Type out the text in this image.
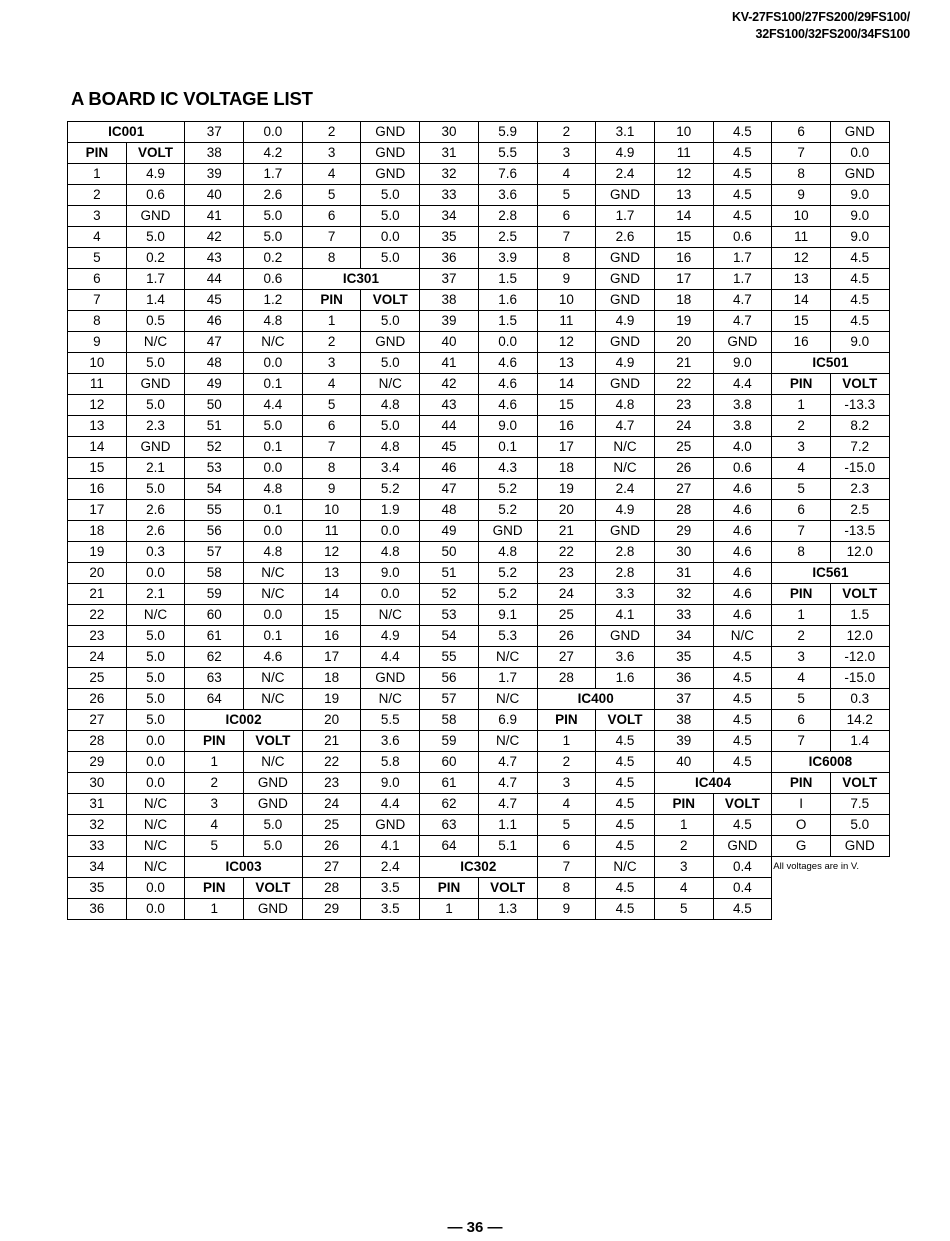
KV-27FS100/27FS200/29FS100/
32FS100/32FS200/34FS100
A BOARD IC VOLTAGE LIST
IC001		37	0.0	2	GND	30	5.9	2	3.1	10	4.5	6	GND
PIN	VOLT	38	4.2	3	GND	31	5.5	3	4.9	11	4.5	7	0.0
1	4.9	39	1.7	4	GND	32	7.6	4	2.4	12	4.5	8	GND
2	0.6	40	2.6	5	5.0	33	3.6	5	GND	13	4.5	9	9.0
3	GND	41	5.0	6	5.0	34	2.8	6	1.7	14	4.5	10	9.0
4	5.0	42	5.0	7	0.0	35	2.5	7	2.6	15	0.6	11	9.0
5	0.2	43	0.2	8	5.0	36	3.9	8	GND	16	1.7	12	4.5
6	1.7	44	0.6	IC301		37	1.5	9	GND	17	1.7	13	4.5
7	1.4	45	1.2	PIN	VOLT	38	1.6	10	GND	18	4.7	14	4.5
8	0.5	46	4.8	1	5.0	39	1.5	11	4.9	19	4.7	15	4.5
9	N/C	47	N/C	2	GND	40	0.0	12	GND	20	GND	16	9.0
10	5.0	48	0.0	3	5.0	41	4.6	13	4.9	21	9.0	IC501	
11	GND	49	0.1	4	N/C	42	4.6	14	GND	22	4.4	PIN	VOLT
12	5.0	50	4.4	5	4.8	43	4.6	15	4.8	23	3.8	1	-13.3
13	2.3	51	5.0	6	5.0	44	9.0	16	4.7	24	3.8	2	8.2
14	GND	52	0.1	7	4.8	45	0.1	17	N/C	25	4.0	3	7.2
15	2.1	53	0.0	8	3.4	46	4.3	18	N/C	26	0.6	4	-15.0
16	5.0	54	4.8	9	5.2	47	5.2	19	2.4	27	4.6	5	2.3
17	2.6	55	0.1	10	1.9	48	5.2	20	4.9	28	4.6	6	2.5
18	2.6	56	0.0	11	0.0	49	GND	21	GND	29	4.6	7	-13.5
19	0.3	57	4.8	12	4.8	50	4.8	22	2.8	30	4.6	8	12.0
20	0.0	58	N/C	13	9.0	51	5.2	23	2.8	31	4.6	IC561	
21	2.1	59	N/C	14	0.0	52	5.2	24	3.3	32	4.6	PIN	VOLT
22	N/C	60	0.0	15	N/C	53	9.1	25	4.1	33	4.6	1	1.5
23	5.0	61	0.1	16	4.9	54	5.3	26	GND	34	N/C	2	12.0
24	5.0	62	4.6	17	4.4	55	N/C	27	3.6	35	4.5	3	-12.0
25	5.0	63	N/C	18	GND	56	1.7	28	1.6	36	4.5	4	-15.0
26	5.0	64	N/C	19	N/C	57	N/C	IC400		37	4.5	5	0.3
27	5.0	IC002		20	5.5	58	6.9	PIN	VOLT	38	4.5	6	14.2
28	0.0	PIN	VOLT	21	3.6	59	N/C	1	4.5	39	4.5	7	1.4
29	0.0	1	N/C	22	5.8	60	4.7	2	4.5	40	4.5	IC6008	
30	0.0	2	GND	23	9.0	61	4.7	3	4.5	IC404		PIN	VOLT
31	N/C	3	GND	24	4.4	62	4.7	4	4.5	PIN	VOLT	I	7.5
32	N/C	4	5.0	25	GND	63	1.1	5	4.5	1	4.5	O	5.0
33	N/C	5	5.0	26	4.1	64	5.1	6	4.5	2	GND	G	GND
34	N/C	IC003		27	2.4	IC302		7	N/C	3	0.4	All voltages are in V.	
35	0.0	PIN	VOLT	28	3.5	PIN	VOLT	8	4.5	4	0.4		
36	0.0	1	GND	29	3.5	1	1.3	9	4.5	5	4.5		
— 36 —
